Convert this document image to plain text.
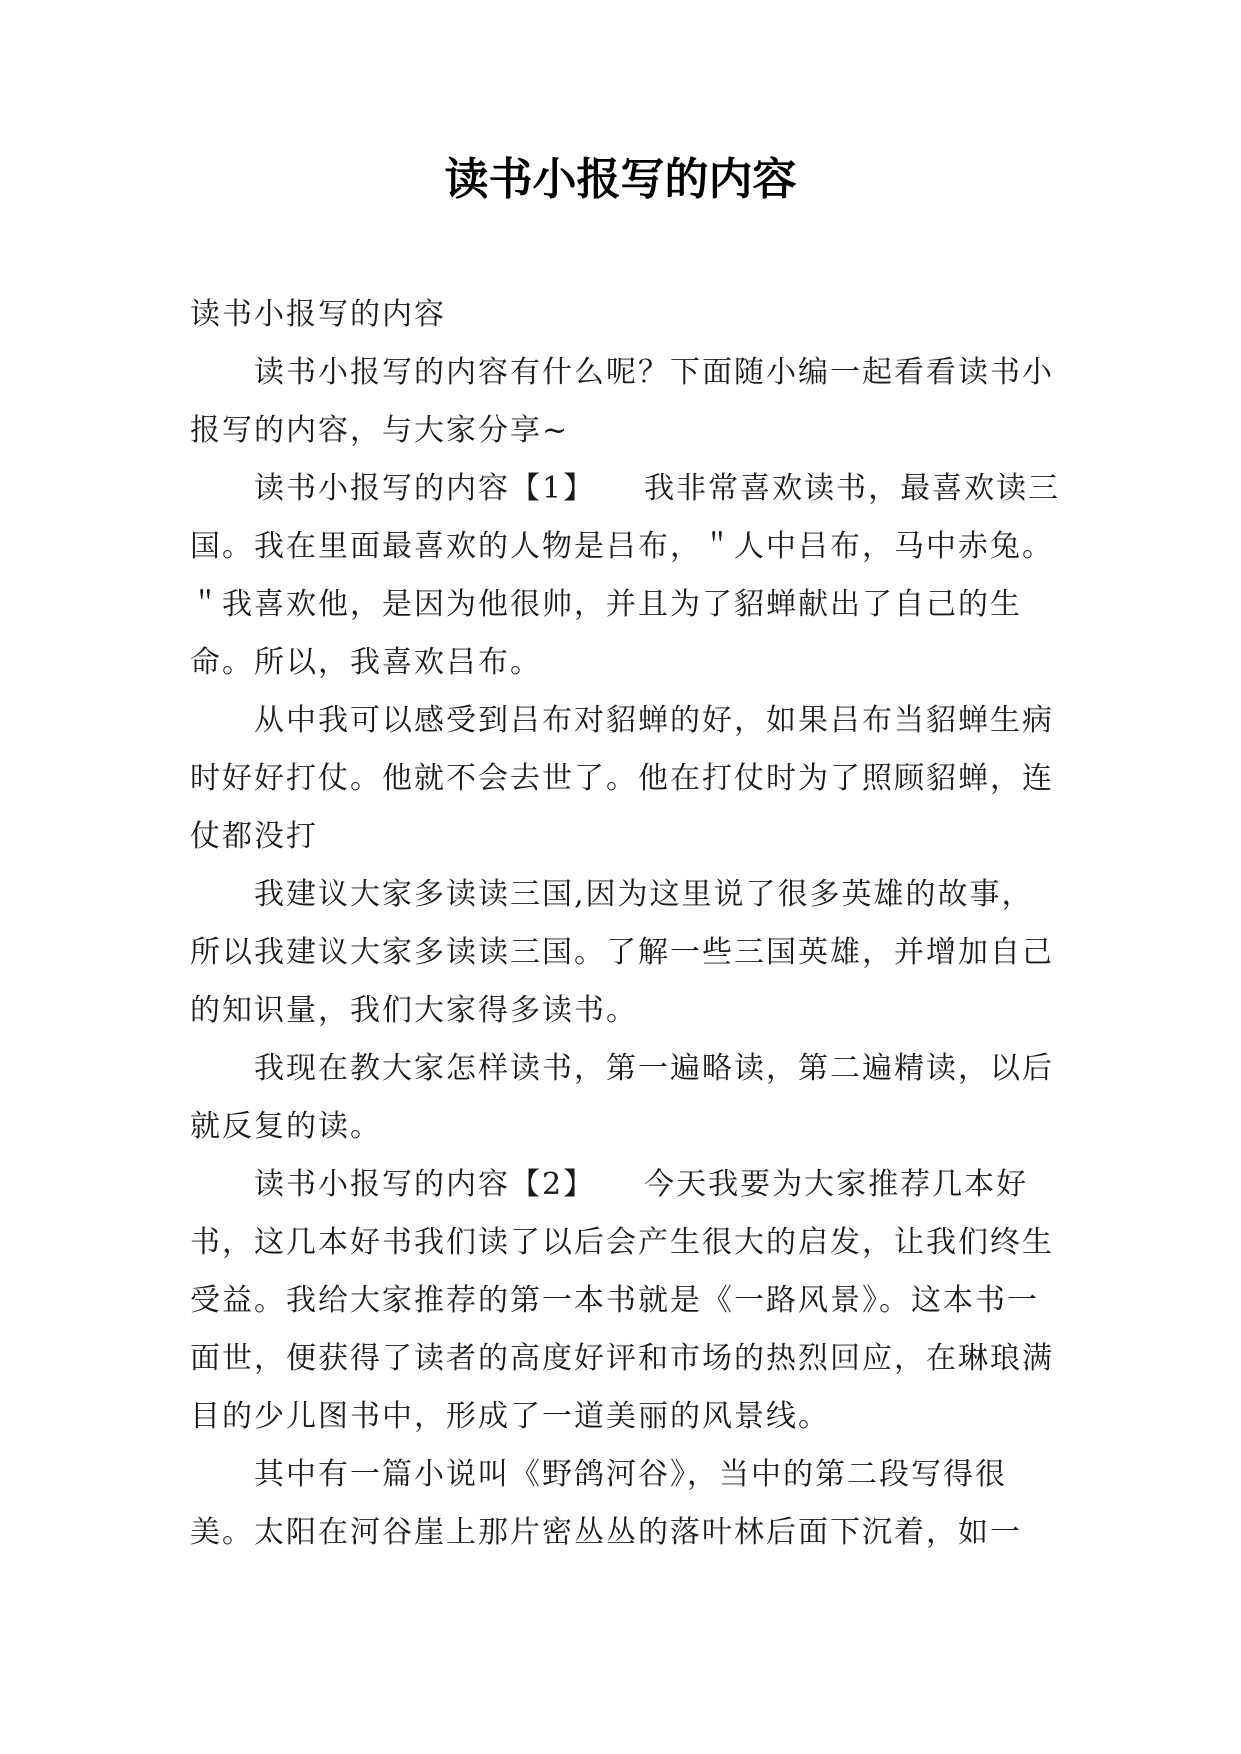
读书小报写的内容

读书小报写的内容

读书小报写的内容有什么呢？下面随小编一起看看读书小报写的内容，与大家分享~

读书小报写的内容【1】　　我非常喜欢读书，最喜欢读三国。我在里面最喜欢的人物是吕布，＂人中吕布，马中赤兔。＂我喜欢他，是因为他很帅，并且为了貂蝉献出了自己的生命。所以，我喜欢吕布。

从中我可以感受到吕布对貂蝉的好，如果吕布当貂蝉生病时好好打仗。他就不会去世了。他在打仗时为了照顾貂蝉，连仗都没打

我建议大家多读读三国,因为这里说了很多英雄的故事，所以我建议大家多读读三国。了解一些三国英雄，并增加自己的知识量，我们大家得多读书。

我现在教大家怎样读书，第一遍略读，第二遍精读，以后就反复的读。

读书小报写的内容【2】　　今天我要为大家推荐几本好书，这几本好书我们读了以后会产生很大的启发，让我们终生受益。我给大家推荐的第一本书就是《一路风景》。这本书一面世，便获得了读者的高度好评和市场的热烈回应，在琳琅满目的少儿图书中，形成了一道美丽的风景线。

其中有一篇小说叫《野鸽河谷》，当中的第二段写得很美。太阳在河谷崖上那片密丛丛的落叶林后面下沉着，如一
